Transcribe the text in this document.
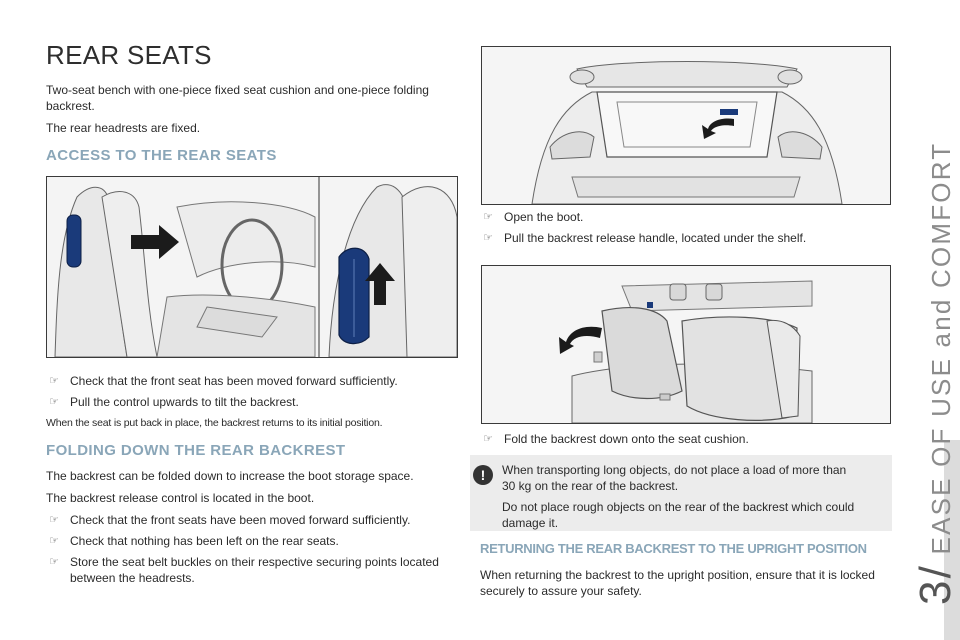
REAR SEATS

Two-seat bench with one-piece fixed seat cushion and one-piece folding backrest.

The rear headrests are fixed.

ACCESS TO THE REAR SEATS
☞ Check that the front seat has been moved forward sufficiently.
☞ Pull the control upwards to tilt the backrest.

When the seat is put back in place, the backrest returns to its initial position.

FOLDING DOWN THE REAR BACKREST

The backrest can be folded down to increase the boot storage space.

The backrest release control is located in the boot.

☞ Check that the front seats have been moved forward sufficiently.
☞ Check that nothing has been left on the rear seats.
☞ Store the seat belt buckles on their respective securing points located between the headrests.
☞ Open the boot.
☞ Pull the backrest release handle, located under the shelf.
☞ Fold the backrest down onto the seat cushion.
!	When transporting long objects, do not place a load of more than 30 kg on the rear of the backrest.

Do not place rough objects on the rear of the backrest which could damage it.

RETURNING THE REAR BACKREST TO THE UPRIGHT POSITION

When returning the backrest to the upright position, ensure that it is locked securely to assure your safety.	3/ EASE OF USE and COMFORT
